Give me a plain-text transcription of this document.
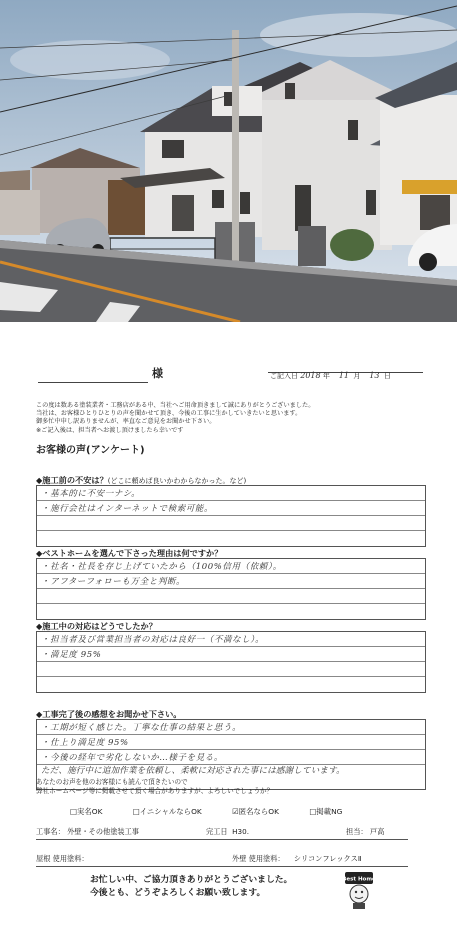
様	ご記入日 2018 年 11 月 13 日
この度は数ある塗装業者・工務店がある中、当社へご用命頂きまして誠にありがとうございました。
当社は、お客様ひとりひとりの声を聞かせて頂き、今後の工事に生かしていきたいと思います。
御多忙中申し訳ありませんが、率直なご意見をお聞かせ下さい。
※ご記入後は、担当者へお渡し頂けましたら幸いです
お客様の声(アンケート)
◆施工前の不安は？(どこに頼めば良いかわからなかった。など)
・基本的に不安一ナシ。
・施行会社はインターネットで検索可能。
◆ベストホームを選んで下さった理由は何ですか？
・社名・社長を存じ上げていたから（100%信用（依頼）。
・アフターフォローも万全と判断。
◆施工中の対応はどうでしたか？
・担当者及び営業担当者の対応は良好一（不満なし）。
・満足度 95%
◆工事完了後の感想をお聞かせ下さい。
・工期が短く感じた。丁寧な仕事の結果と思う。
・仕上り満足度 95%
・今後の経年で劣化しないか…様子を見る。
ただ、施行中に追加作業を依頼し、柔軟に対応された事には感謝しています。
あなたのお声を他のお客様にも読んで頂きたいので
弊社ホームページ等に掲載させて頂く場合がありますが、よろしいでしょうか？
□実名OK	□イニシャルならOK	☑匿名ならOK	□掲載NG
工事名： 外壁・その他塗装工事	完工日 H30.	担当： 戸高
屋根 使用塗料：	外壁 使用塗料： シリコンフレックスⅡ
お忙しい中、ご協力頂きありがとうございました。
今後とも、どうぞよろしくお願い致します。
Best Home
